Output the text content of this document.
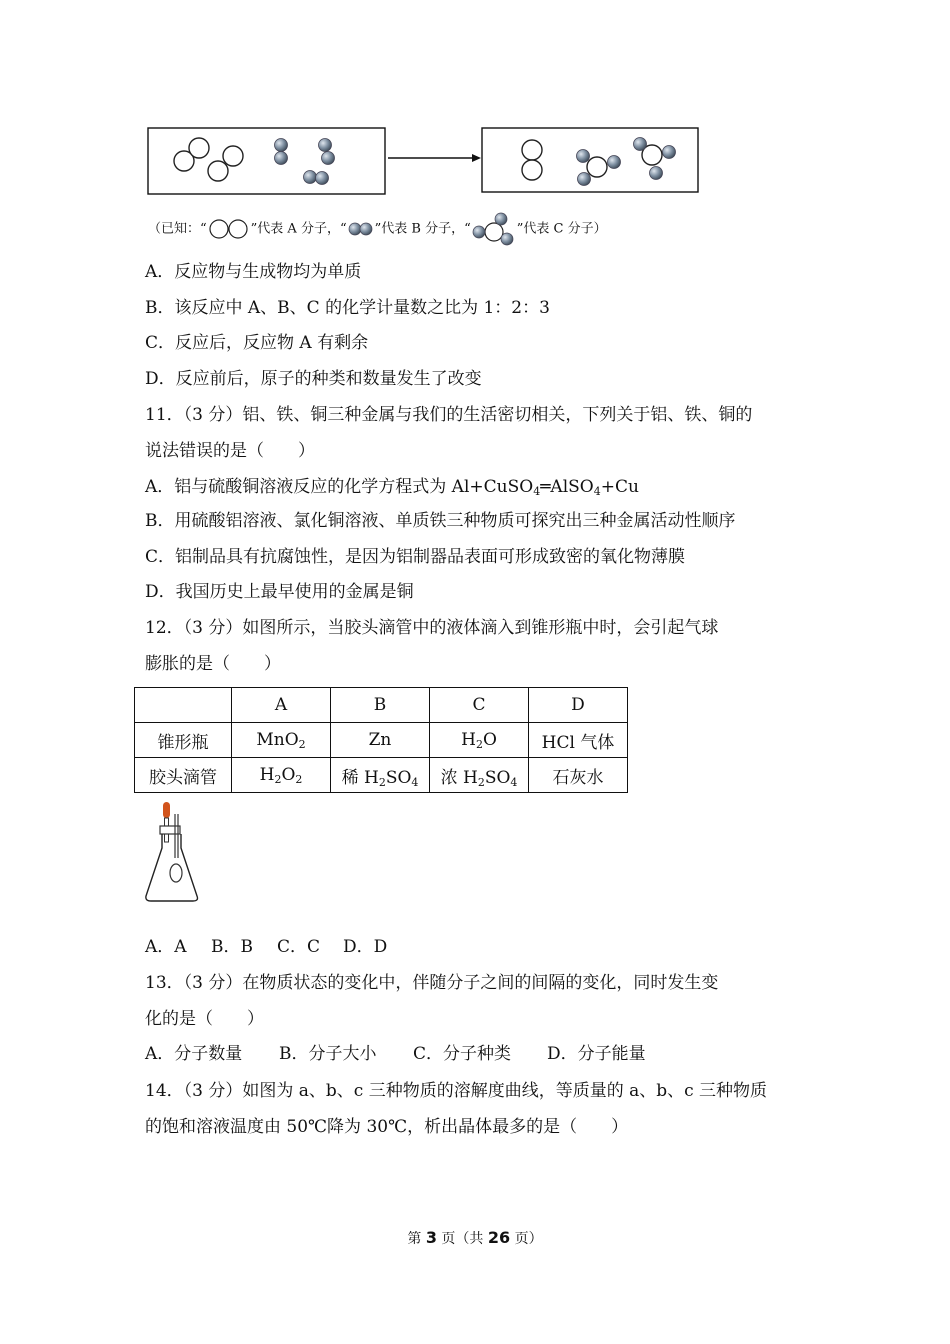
（已知：“	”代表 A 分子，“ ”代表 B 分子，“	”代表 C 分子）
A．反应物与生成物均为单质
B．该反应中 A、B、C 的化学计量数之比为 1：2：3
C．反应后，反应物 A 有剩余
D．反应前后，原子的种类和数量发生了改变
11．（3 分）铝、铁、铜三种金属与我们的生活密切相关，下列关于铝、铁、铜的
说法错误的是（　　）
A．铝与硫酸铜溶液反应的化学方程式为 Al+CuSO$_4$═AlSO$_4$+Cu
B．用硫酸铝溶液、氯化铜溶液、单质铁三种物质可探究出三种金属活动性顺序
C．铝制品具有抗腐蚀性，是因为铝制器品表面可形成致密的氧化物薄膜
D．我国历史上最早使用的金属是铜
12．（3 分）如图所示，当胶头滴管中的液体滴入到锥形瓶中时，会引起气球
膨胀的是（　　）
	A	B	C	D
锥形瓶	MnO$_2$	Zn	$H_2O$	HCl 气体
胶头滴管	$H_2O_2$	稀 $H_2SO_4$	浓 $H_2SO_4$	石灰水
A．A B．B C．C D．D
13．（3 分）在物质状态的变化中，伴随分子之间的间隔的变化，同时发生变
化的是（　　）
A．分子数量 B．分子大小 C．分子种类 D．分子能量
14．（3 分）如图为 a、b、c 三种物质的溶解度曲线，等质量的 a、b、c 三种物质
的饱和溶液温度由 50℃降为 30℃，析出晶体最多的是（　　）
第 3 页（共 26 页）
